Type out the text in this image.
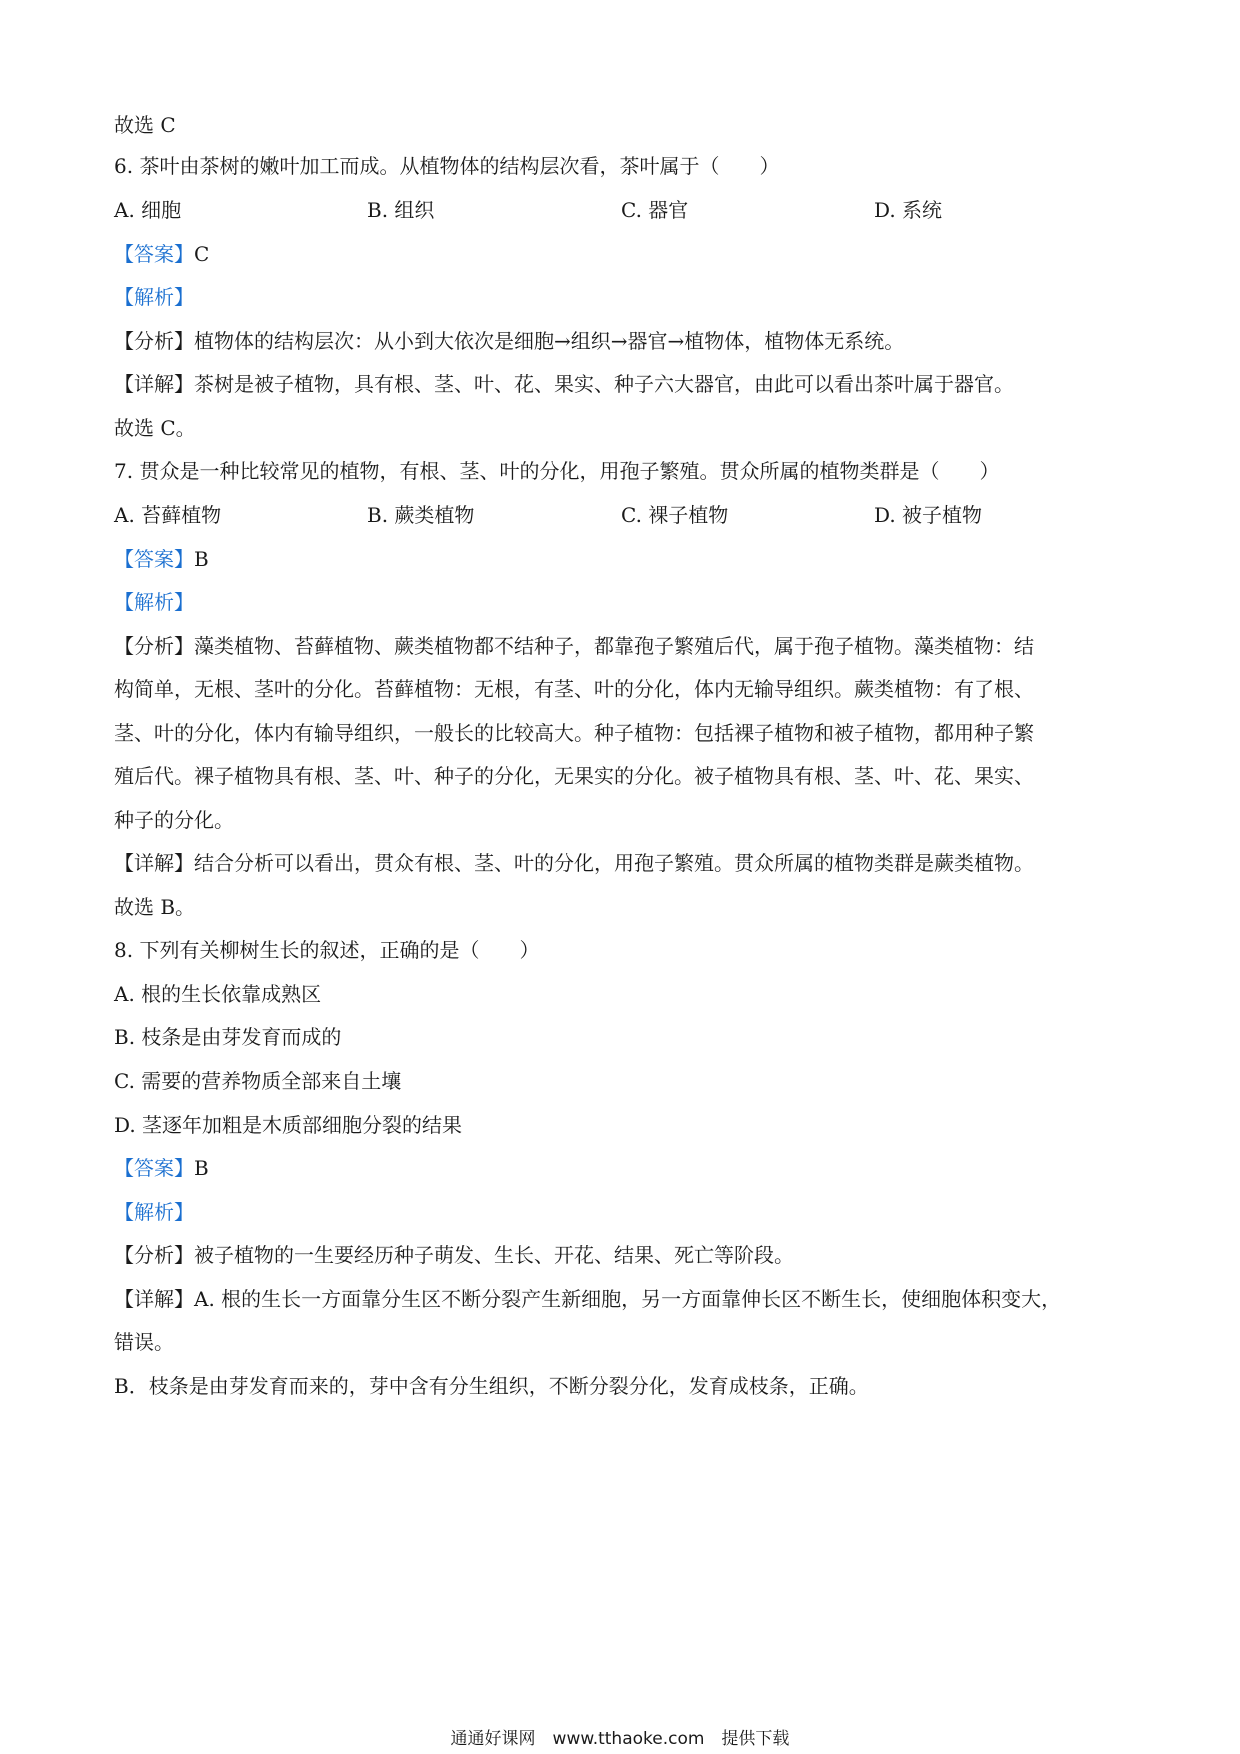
故选 C
6. 茶叶由茶树的嫩叶加工而成。从植物体的结构层次看，茶叶属于（　　）
A. 细胞	B. 组织	C. 器官	D. 系统
【答案】C
【解析】
【分析】植物体的结构层次：从小到大依次是细胞→组织→器官→植物体，植物体无系统。
【详解】茶树是被子植物，具有根、茎、叶、花、果实、种子六大器官，由此可以看出茶叶属于器官。
故选 C。
7. 贯众是一种比较常见的植物，有根、茎、叶的分化，用孢子繁殖。贯众所属的植物类群是（　　）
A. 苔藓植物	B. 蕨类植物	C. 裸子植物	D. 被子植物
【答案】B
【解析】
【分析】藻类植物、苔藓植物、蕨类植物都不结种子，都靠孢子繁殖后代，属于孢子植物。藻类植物：结
构简单，无根、茎叶的分化。苔藓植物：无根，有茎、叶的分化，体内无输导组织。蕨类植物：有了根、
茎、叶的分化，体内有输导组织，一般长的比较高大。种子植物：包括裸子植物和被子植物，都用种子繁
殖后代。裸子植物具有根、茎、叶、种子的分化，无果实的分化。被子植物具有根、茎、叶、花、果实、
种子的分化。
【详解】结合分析可以看出，贯众有根、茎、叶的分化，用孢子繁殖。贯众所属的植物类群是蕨类植物。
故选 B。
8. 下列有关柳树生长的叙述，正确的是（　　）
A. 根的生长依靠成熟区
B. 枝条是由芽发育而成的
C. 需要的营养物质全部来自土壤
D. 茎逐年加粗是木质部细胞分裂的结果
【答案】B
【解析】
【分析】被子植物的一生要经历种子萌发、生长、开花、结果、死亡等阶段。
【详解】A. 根的生长一方面靠分生区不断分裂产生新细胞，另一方面靠伸长区不断生长，使细胞体积变大，
错误。
B．枝条是由芽发育而来的，芽中含有分生组织，不断分裂分化，发育成枝条，正确。
通通好课网　www.tthaoke.com　提供下载
